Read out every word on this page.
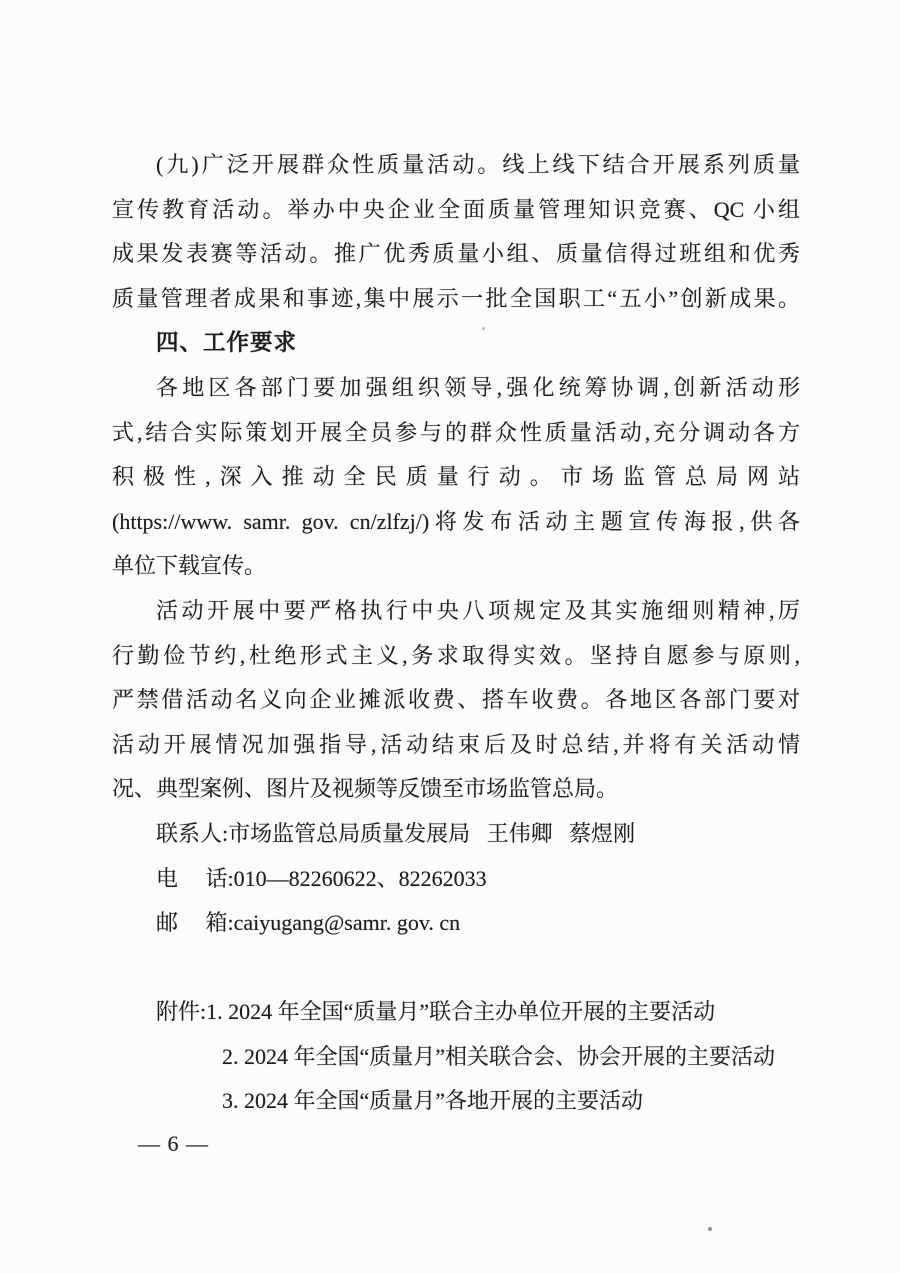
(九)广泛开展群众性质量活动。线上线下结合开展系列质量
宣传教育活动。举办中央企业全面质量管理知识竞赛、QC 小组
成果发表赛等活动。推广优秀质量小组、质量信得过班组和优秀
质量管理者成果和事迹,集中展示一批全国职工“五小”创新成果。
四、工作要求
各地区各部门要加强组织领导,强化统筹协调,创新活动形
式,结合实际策划开展全员参与的群众性质量活动,充分调动各方
积极性,深入推动全民质量行动。市场监管总局网站
(https://www. samr. gov. cn/zlfzj/)将发布活动主题宣传海报,供各
单位下载宣传。
活动开展中要严格执行中央八项规定及其实施细则精神,厉
行勤俭节约,杜绝形式主义,务求取得实效。坚持自愿参与原则,
严禁借活动名义向企业摊派收费、搭车收费。各地区各部门要对
活动开展情况加强指导,活动结束后及时总结,并将有关活动情
况、典型案例、图片及视频等反馈至市场监管总局。
联系人:市场监管总局质量发展局   王伟卿   蔡煜刚
电     话:010—82260622、82262033
邮     箱:caiyugang@samr. gov. cn
附件:1. 2024 年全国“质量月”联合主办单位开展的主要活动
2. 2024 年全国“质量月”相关联合会、协会开展的主要活动
3. 2024 年全国“质量月”各地开展的主要活动
— 6 —
